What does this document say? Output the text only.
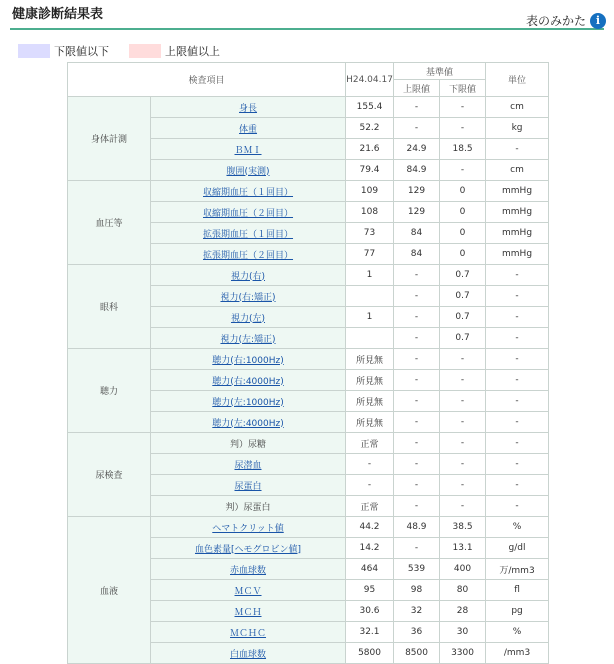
健康診断結果表	表のみかた i
下限値以下	上限値以上
検査項目		H24.04.17	基準値		単位
			上限値	下限値	
身体計測	身長	155.4	-	-	cm
	体重	52.2	-	-	kg
	ＢＭＩ	21.6	24.9	18.5	-
	腹囲(実測)	79.4	84.9	-	cm
血圧等	収縮期血圧（１回目）	109	129	0	mmHg
	収縮期血圧（２回目）	108	129	0	mmHg
	拡張期血圧（１回目）	73	84	0	mmHg
	拡張期血圧（２回目）	77	84	0	mmHg
眼科	視力(右)	1	-	0.7	-
	視力(右:矯正)		-	0.7	-
	視力(左)	1	-	0.7	-
	視力(左:矯正)		-	0.7	-
聴力	聴力(右:1000Hz)	所見無	-	-	-
	聴力(右:4000Hz)	所見無	-	-	-
	聴力(左:1000Hz)	所見無	-	-	-
	聴力(左:4000Hz)	所見無	-	-	-
尿検査	判）尿糖	正常	-	-	-
	尿潜血	-	-	-	-
	尿蛋白	-	-	-	-
	判）尿蛋白	正常	-	-	-
血液	ヘマトクリット値	44.2	48.9	38.5	%
	血色素量[ヘモグロビン値]	14.2	-	13.1	g/dl
	赤血球数	464	539	400	万/mm3
	ＭＣＶ	95	98	80	fl
	ＭＣＨ	30.6	32	28	pg
	ＭＣＨＣ	32.1	36	30	%
	白血球数	5800	8500	3300	/mm3
